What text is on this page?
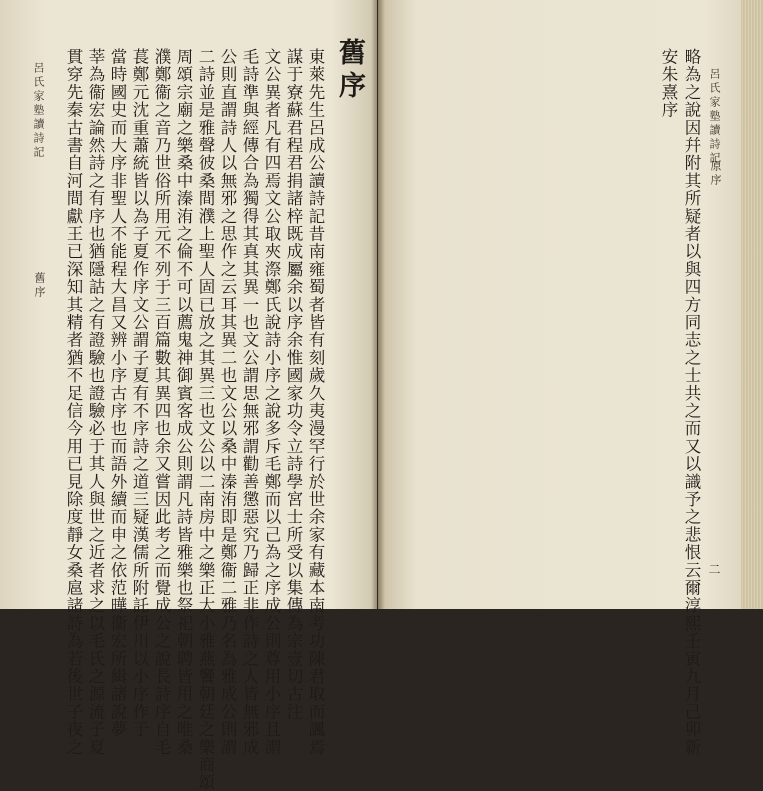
呂氏家塾讀詩記
原序
略為之說因幷附其所疑者以與四方同志之士共之而又以識予之悲恨云爾淳熙壬寅九月己卯新
安朱熹序
二
舊序
東萊先生呂成公讀詩記昔南雍蜀者皆有刻歲久夷漫罕行於世余家有藏本南考功陳君取而諷焉
謀于寮蘇君程君捐諸梓既成屬余以序余惟國家功令立詩學宮士所受以集傳為宗壹切古注
文公異者凡有四焉文公取夾漈鄭氏說詩小序之說多斥毛鄭而以己為之序成公則尊用小序且謂
毛詩準與經傳合為獨得其真其異一也文公謂思無邪謂勸善懲惡究乃歸正非作詩之人皆無邪成
公則直謂詩人以無邪之思作之云耳其異二也文公以桑中溱洧即是鄭衞二雅乃名為雅成公則謂
二詩並是雅聲彼桑間濮上聖人固已放之其異三也文公以二南房中之樂正大小雅燕饗朝廷之樂商頌
周頌宗廟之樂桑中溱洧之倫不可以薦鬼神御賓客成公則謂凡詩皆雅樂也祭祀朝聘皆用之唯桑
濮鄭衞之音乃世俗所用元不列于三百篇數其異四也余又嘗因此考之而覺成公之說長詩序自毛
萇鄭元沈重蕭統皆以為子夏作序文公謂子夏有不序詩之道三疑漢儒所附託伊川以小序作于
當時國史而大序非聖人不能程大昌又辨小序古序也而語外續而申之依范曄衞宏所緝諸說夢
莘為衞宏論然詩之有序也猶隱詁之有證驗也證驗必于其人與世之近者求之以毛氏之源流子夏
貫穿先秦古書自河間獻王已深知其精者猶不足信今用已見除度靜女桑扈諸詩為若後世子夜之
呂氏家塾讀詩記
舊序
